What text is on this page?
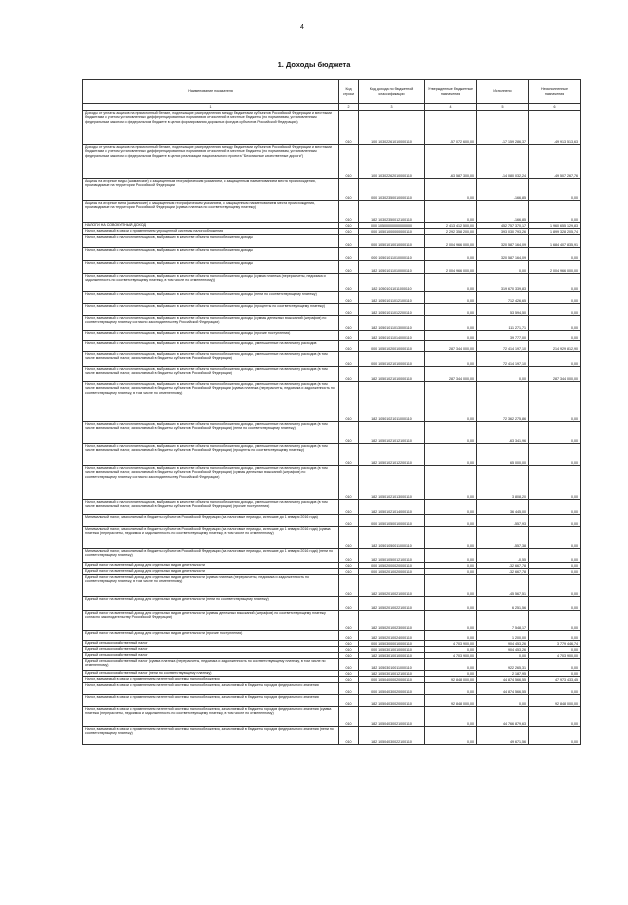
4
1. Доходы бюджета
Наименование показателя	Код строки	Код дохода по бюджетной классификации	Утвержденные бюджетные назначения	Исполнено	Неисполненные назначения
1	2	3	4	5	6
Доходы от уплаты акцизов на прямогонный бензин, подлежащие распределению между бюджетами субъектов Российской Федерации и местными бюджетами с учетом установленных дифференцированных нормативов отчислений в местные бюджеты (по нормативам, установленным федеральным законом о федеральном бюджете в целях формирования дорожных фондов субъектов Российской Федерации)	010	100 10302261010000110	-57 072 600,00	-17 159 286,37	-49 913 513,63
Доходы от уплаты акцизов на прямогонный бензин, подлежащие распределению между бюджетами субъектов Российской Федерации и местными бюджетами с учетом установленных дифференцированных нормативов отчислений в местные бюджеты (по нормативам, установленным федеральным законом о федеральном бюджете в целях реализации национального проекта "Безопасные качественные дороги")	010	100 10302262010000110	-63 587 300,00	-14 080 032,24	-49 507 267,76
Акцизы на игорные виды (шаманские) с защищенным географическим указанием, с защищенным наименованием места происхождения, производимые на территории Российской Федерации	010	000 10302350010000110	0,00	-166,85	0,00
Акцизы на игорные вина (шаманские) с защищенным географическим указанием, с защищенным наименованием места происхождения, производимые на территории Российской Федерации (сумма платежа по соответствующему платежу)	010	182 10302350012100110	0,00	-166,85	0,00
НАЛОГИ НА СОВОКУПНЫЙ ДОХОД	010	000 10500000000000000	2 413 412 500,00	452 757 370,17	1 960 655 129,83
Налог, взимаемый в связи с применением упрощенной системы налогообложения	010	000 10501000000000110	2 292 358 200,00	393 030 793,26	1 899 328 205,74
Налог, взимаемый с налогоплательщиков, выбравших в качестве объекта налогообложения доходы	010	000 10501010010000110	2 004 966 000,00	320 587 164,09	1 684 407 835,91
Налог, взимаемый с налогоплательщиков, выбравших в качестве объекта налогообложения доходы	010	000 10501011010000110	0,00	320 587 164,09	0,00
Налог, взимаемый с налогоплательщиков, выбравших в качестве объекта налогообложения доходы	010	182 10501011010000110	2 004 966 000,00	0,00	2 004 966 000,00
Налог, взимаемый с налогоплательщиков, выбравших в качестве объекта налогообложения доходы (сумма платежа (перерасчеты, недоимка и задолженность по соответствующему платежу, в том числе по отмененному))	010	182 10501011011000110	0,00	319 670 339,83	0,00
Налог, взимаемый с налогоплательщиков, выбравших в качестве объекта налогообложения доходы (пени по соответствующему платежу)	010	182 10501011012100110	0,00	712 426,65	0,00
Налог, взимаемый с налогоплательщиков, выбравших в качестве объекта налогообложения доходы (проценты по соответствующему платежу)	010	182 10501011012200110	0,00	53 594,50	0,00
Налог, взимаемый с налогоплательщиков, выбравших в качестве объекта налогообложения доходы (суммы денежных взысканий (штрафов) по соответствующему платежу согласно законодательству Российской Федерации)	010	182 10501011013000110	0,00	111 271,71	0,00
Налог, взимаемый с налогоплательщиков, выбравших в качестве объекта налогообложения доходы (прочие поступления)	010	182 10501011014000110	0,00	39 777,00	0,00
Налог, взимаемый с налогоплательщиков, выбравших в качестве объекта налогообложения доходы, уменьшенные на величину расходов	010	000 10501020010000110	287 344 000,00	72 414 197,10	214 929 812,90
Налог, взимаемый с налогоплательщиков, выбравших в качестве объекта налогообложения доходы, уменьшенные на величину расходов (в том числе минимальный налог, зачисляемый в бюджеты субъектов Российской Федерации)	010	000 10501021010000110	0,00	72 414 197,10	0,00
Налог, взимаемый с налогоплательщиков, выбравших в качестве объекта налогообложения доходы, уменьшенные на величину расходов (в том числе минимальный налог, зачисляемый в бюджеты субъектов Российской Федерации)	010	182 10501021010000110	287 344 000,00	0,00	287 344 000,00
Налог, взимаемый с налогоплательщиков, выбравших в качестве объекта налогообложения доходы, уменьшенные на величину расходов (в том числе минимальный налог, зачисляемый в бюджеты субъектов Российской Федерации (сумма платежа (перерасчеты, недоимка и задолженность по соответствующему платежу, в том числе по отмененному)	010	182 10501021011000110	0,00	72 362 275,86	0,00
Налог, взимаемый с налогоплательщиков, выбравших в качестве объекта налогообложения доходы, уменьшенные на величину расходов (в том числе минимальный налог, зачисляемый в бюджеты субъектов Российской Федерации) (пени по соответствующему платежу)	010	182 10501021012100110	0,00	-63 341,96	0,00
Налог, взимаемый с налогоплательщиков, выбравших в качестве объекта налогообложения доходы, уменьшенные на величину расходов (в том числе минимальный налог, зачисляемый в бюджеты субъектов Российской Федерации) (проценты по соответствующему платежу)	010	182 10501021012200110	0,00	65 000,00	0,00
Налог, взимаемый с налогоплательщиков, выбравших в качестве объекта налогообложения доходы, уменьшенные на величину расходов (в том числе минимальный налог, зачисляемый в бюджеты субъектов Российской Федерации) (суммы денежных взысканий (штрафов) по соответствующему платежу согласно законодательству Российской Федерации)	010	182 10501021013000110	0,00	3 808,20	0,00
Налог, взимаемый с налогоплательщиков, выбравших в качестве объекта налогообложения доходы, уменьшенные на величину расходов (в том числе минимальный налог, зачисляемый в бюджеты субъектов Российской Федерации) (прочие поступления)	010	182 10501021014000110	0,00	36 445,00	0,00
Минимальный налог, зачисляемый в бюджеты субъектов Российской Федерации (за налоговые периоды, истекшие до 1 января 2016 года)	010	000 10501050010000110	0,00	-557,93	0,00
Минимальный налог, зачисляемый в бюджеты субъектов Российской Федерации (за налоговые периоды, истекшие до 1 января 2016 года) (сумма платежа (перерасчеты, недоимка и задолженность по соответствующему платежу, в том числе по отмененному)	010	182 10501050011000110	0,00	-557,38	0,00
Минимальный налог, зачисляемый в бюджеты субъектов Российской Федерации (за налоговые периоды, истекшие до 1 января 2016 года) (пени по соответствующему платежу)	010	182 10501050012100110	0,00	-0,55	0,00
Единый налог на вмененный доход для отдельных видов деятельности	010	000 10502000020000110	0,00	-32 667,78	0,00
Единый налог на вмененный доход для отдельных видов деятельности	010	000 10502010020000110	0,00	-32 667,78	0,00
Единый налог на вмененный доход для отдельных видов деятельности (сумма платежа (перерасчеты, недоимка и задолженность по соответствующему платежу, в том числе по отмененному)	010	182 10502010021000110	0,00	-45 567,51	0,00
Единый налог на вмененный доход для отдельных видов деятельности (пени по соответствующему платежу)	010	182 10502010022100110	0,00	6 251,56	0,00
Единый налог на вмененный доход для отдельных видов деятельности (суммы денежных взысканий (штрафов) по соответствующему платежу согласно законодательству Российской Федерации)	010	182 10502010023000110	0,00	7 548,17	0,00
Единый налог на вмененный доход для отдельных видов деятельности (прочие поступления)	010	182 10502010024000110	0,00	1 200,00	0,00
Единый сельскохозяйственный налог	010	000 10503000010000110	4 703 900,00	904 453,26	3 779 446,74
Единый сельскохозяйственный налог	010	000 10503010010000110	0,00	904 453,26	0,00
Единый сельскохозяйственный налог	010	182 10503010010000110	4 703 900,00	0,00	4 703 900,00
Единый сельскохозяйственный налог (сумма платежа (перерасчеты, недоимка и задолженность по соответствующему платежу, в том числе по отмененному)	010	182 10503010011000110	0,00	922 265,31	0,00
Единый сельскохозяйственный налог (пени по соответствующему платежу)	010	182 10503010012100110	0,00	2 187,95	0,00
Налог, взимаемый в связи с применением патентной системы налогообложения	010	000 10504000020000110	92 848 000,00	44 874 566,55	47 973 433,45
Налог, взимаемый в связи с применением патентной системы налогообложения, зачисляемый в бюджеты городов федерального значения	010	000 10504030020000110	0,00	44 874 566,55	0,00
Налог, взимаемый в связи с применением патентной системы налогообложения, зачисляемый в бюджеты городов федерального значения	010	182 10504030020000110	92 848 000,00	0,00	92 848 000,00
Налог, взимаемый в связи с применением патентной системы налогообложения, зачисляемый в бюджеты городов федерального значения (сумма платежа (перерасчеты, недоимка и задолженность по соответствующему платежу, в том числе по отмененному)	010	182 10504030021000110	0,00	44 766 879,63	0,00
Налог, взимаемый в связи с применением патентной системы налогообложения, зачисляемый в бюджеты городов федерального значения (пени по соответствующему платежу)	010	182 10504030022100110	0,00	49 671,56	0,00
